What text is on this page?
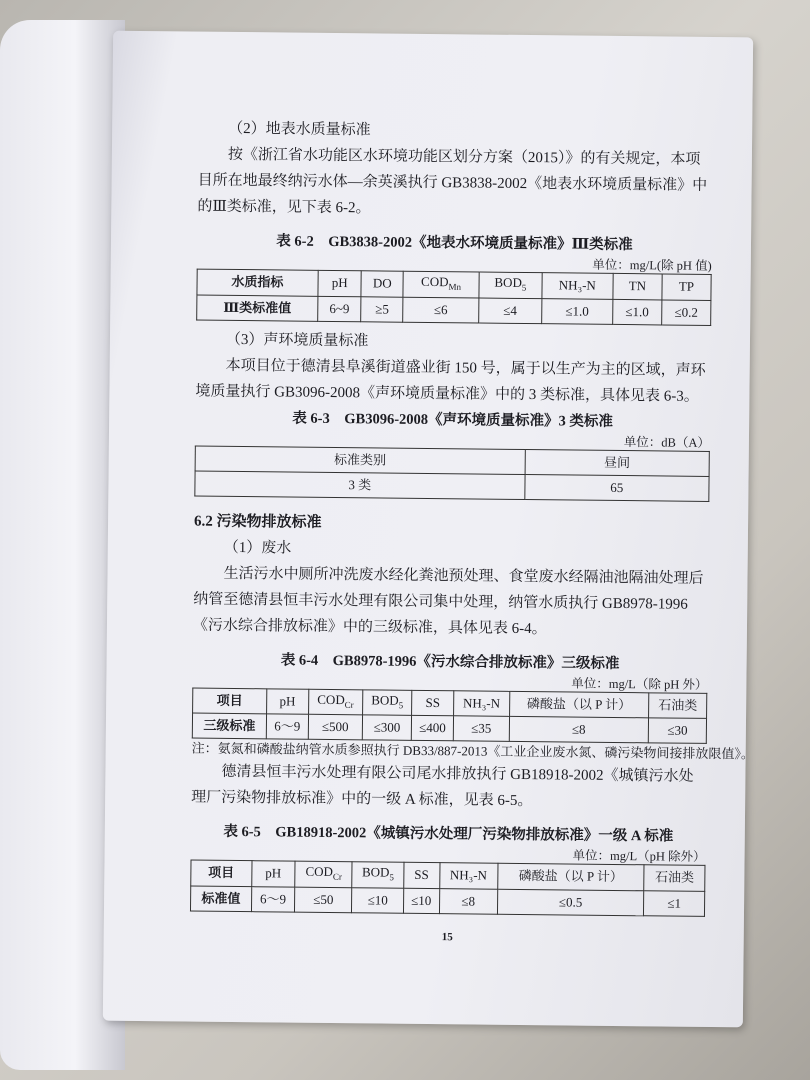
（2）地表水质量标准

按《浙江省水功能区水环境功能区划分方案（2015）》的有关规定，本项目所在地最终纳污水体—余英溪执行 GB3838-2002《地表水环境质量标准》中的Ⅲ类标准，见下表 6-2。

表 6-2　GB3838-2002《地表水环境质量标准》Ⅲ类标准

单位：mg/L(除 pH 值)

水质指标	pH	DO	$COD_{Mn}$	$BOD_5$	NH₃-N	TN	TP
Ⅲ类标准值	6~9	≥5	≤6	≤4	≤1.0	≤1.0	≤0.2

（3）声环境质量标准

本项目位于德清县阜溪街道盛业街 150 号，属于以生产为主的区域，声环境质量执行 GB3096-2008《声环境质量标准》中的 3 类标准，具体见表 6-3。

表 6-3　GB3096-2008《声环境质量标准》3 类标准

单位：dB（A）

标准类别	昼间
3 类	65

6.2 污染物排放标准

（1）废水

生活污水中厕所冲洗废水经化粪池预处理、食堂废水经隔油池隔油处理后纳管至德清县恒丰污水处理有限公司集中处理，纳管水质执行 GB8978-1996《污水综合排放标准》中的三级标准，具体见表 6-4。

表 6-4　GB8978-1996《污水综合排放标准》三级标准

单位：mg/L（除 pH 外）

项目	pH	$COD_{Cr}$	$BOD_5$	SS	NH₃-N	磷酸盐（以 P 计）	石油类
三级标准	6～9	≤500	≤300	≤400	≤35	≤8	≤30

注：氨氮和磷酸盐纳管水质参照执行 DB33/887-2013《工业企业废水氮、磷污染物间接排放限值》。

德清县恒丰污水处理有限公司尾水排放执行 GB18918-2002《城镇污水处理厂污染物排放标准》中的一级 A 标准，见表 6-5。

表 6-5　GB18918-2002《城镇污水处理厂污染物排放标准》一级 A 标准

单位：mg/L（pH 除外）

项目	pH	$COD_{Cr}$	$BOD_5$	SS	NH₃-N	磷酸盐（以 P 计）	石油类
标准值	6～9	≤50	≤10	≤10	≤8	≤0.5	≤1

15
